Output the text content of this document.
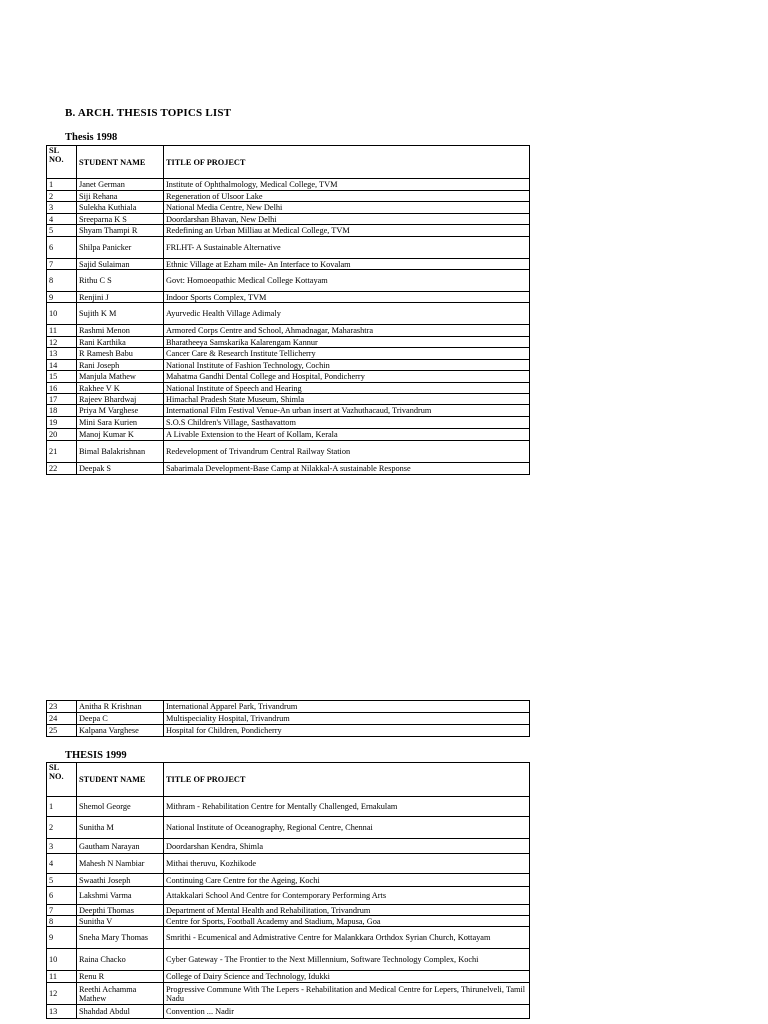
B. ARCH. THESIS TOPICS LIST
Thesis 1998
SL NO.	STUDENT NAME	TITLE OF PROJECT
1	Janet German	Institute of Ophthalmology, Medical College, TVM
2	Siji Rehana	Regeneration of Ulsoor Lake
3	Sulekha Kuthiala	National Media Centre, New Delhi
4	Sreeparna K S	Doordarshan Bhavan, New Delhi
5	Shyam Thampi R	Redefining an Urban Milliau at Medical College, TVM
6	Shilpa Panicker	FRLHT- A Sustainable Alternative
7	Sajid Sulaiman	Ethnic Village at Ezham mile- An Interface to Kovalam
8	Rithu C S	Govt: Homoeopathic Medical College Kottayam
9	Renjini J	Indoor Sports Complex, TVM
10	Sujith K M	Ayurvedic Health Village Adimaly
11	Rashmi Menon	Armored Corps Centre and School, Ahmadnagar, Maharashtra
12	Rani Karthika	Bharatheeya Samskarika Kalarengam Kannur
13	R Ramesh Babu	Cancer Care & Research Institute Tellicherry
14	Rani Joseph	National Institute of Fashion Technology, Cochin
15	Manjula Mathew	Mahatma Gandhi Dental College and Hospital, Pondicherry
16	Rakhee V K	National Institute of Speech and Hearing
17	Rajeev Bhardwaj	Himachal Pradesh State Museum, Shimla
18	Priya M Varghese	International Film Festival Venue-An urban insert at Vazhuthacaud, Trivandrum
19	Mini Sara Kurien	S.O.S Children's Village, Sasthavattom
20	Manoj Kumar K	A Livable Extension to the Heart of Kollam, Kerala
21	Bimal Balakrishnan	Redevelopment of Trivandrum Central Railway Station
22	Deepak S	Sabarimala Development-Base Camp at Nilakkal-A sustainable Response
23	Anitha R Krishnan	International Apparel Park, Trivandrum
24	Deepa C	Multispeciality Hospital, Trivandrum
25	Kalpana Varghese	Hospital for Children, Pondicherry
THESIS 1999
SL NO.	STUDENT NAME	TITLE OF PROJECT
1	Shemol George	Mithram - Rehabilitation Centre for Mentally Challenged, Ernakulam
2	Sunitha M	National Institute of Oceanography, Regional Centre, Chennai
3	Gautham Narayan	Doordarshan Kendra, Shimla
4	Mahesh N Nambiar	Mithai theruvu, Kozhikode
5	Swaathi Joseph	Continuing Care Centre for the Ageing, Kochi
6	Lakshmi Varma	Attakkalari School And Centre for Contemporary Performing Arts
7	Deepthi Thomas	Department of Mental Health and Rehabilitation, Trivandrum
8	Sunitha V	Centre for Sports, Football Academy and Stadium, Mapusa, Goa
9	Sneha Mary Thomas	Smrithi - Ecumenical and Admistrative Centre for Malankkara Orthdox Syrian Church, Kottayam
10	Raina Chacko	Cyber Gateway - The Frontier to the Next Millennium, Software Technology Complex, Kochi
11	Renu R	College of Dairy Science and Technology, Idukki
12	Reethi Achamma Mathew	Progressive Commune With The Lepers - Rehabilitation and Medical Centre for Lepers, Thirunelveli, Tamil Nadu
13	Shahdad Abdul	Convention ... Nadir
